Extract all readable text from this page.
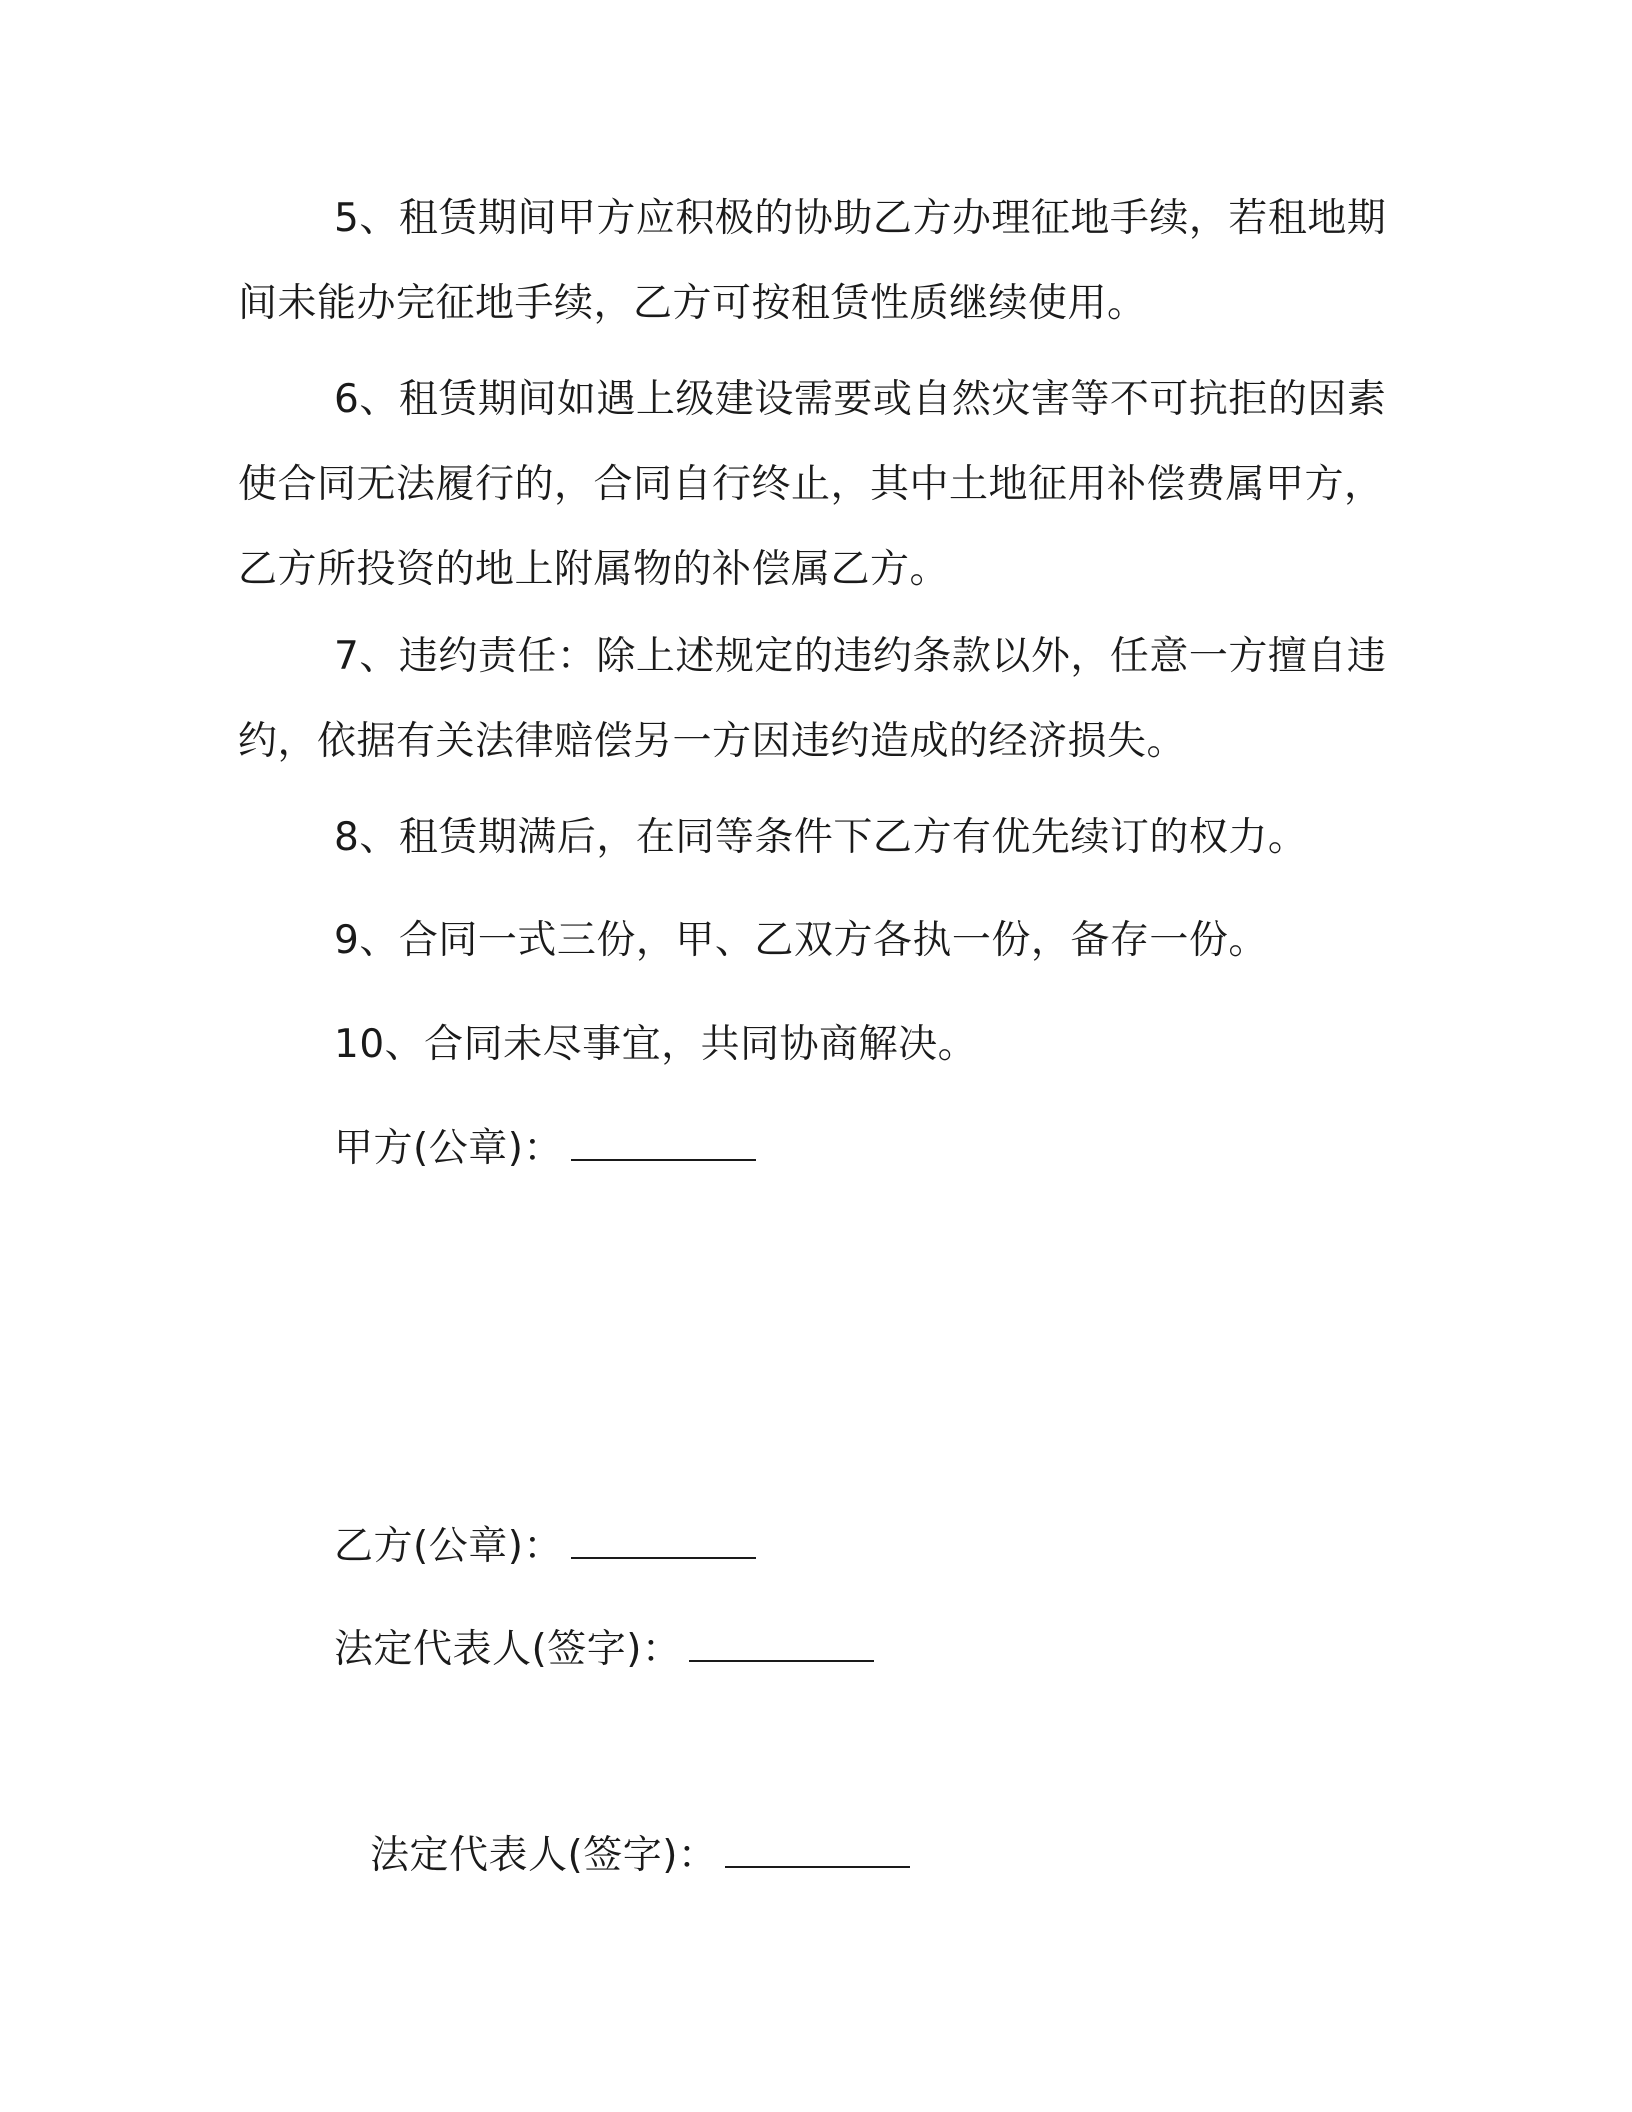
5、租赁期间甲方应积极的协助乙方办理征地手续，若租地期间未能办完征地手续，乙方可按租赁性质继续使用。

6、租赁期间如遇上级建设需要或自然灾害等不可抗拒的因素使合同无法履行的，合同自行终止，其中土地征用补偿费属甲方，乙方所投资的地上附属物的补偿属乙方。

7、违约责任：除上述规定的违约条款以外，任意一方擅自违约，依据有关法律赔偿另一方因违约造成的经济损失。

8、租赁期满后，在同等条件下乙方有优先续订的权力。

9、合同一式三份，甲、乙双方各执一份，备存一份。

10、合同未尽事宜，共同协商解决。

甲方(公章)：
乙方(公章)：
法定代表人(签字)：
法定代表人(签字)：
